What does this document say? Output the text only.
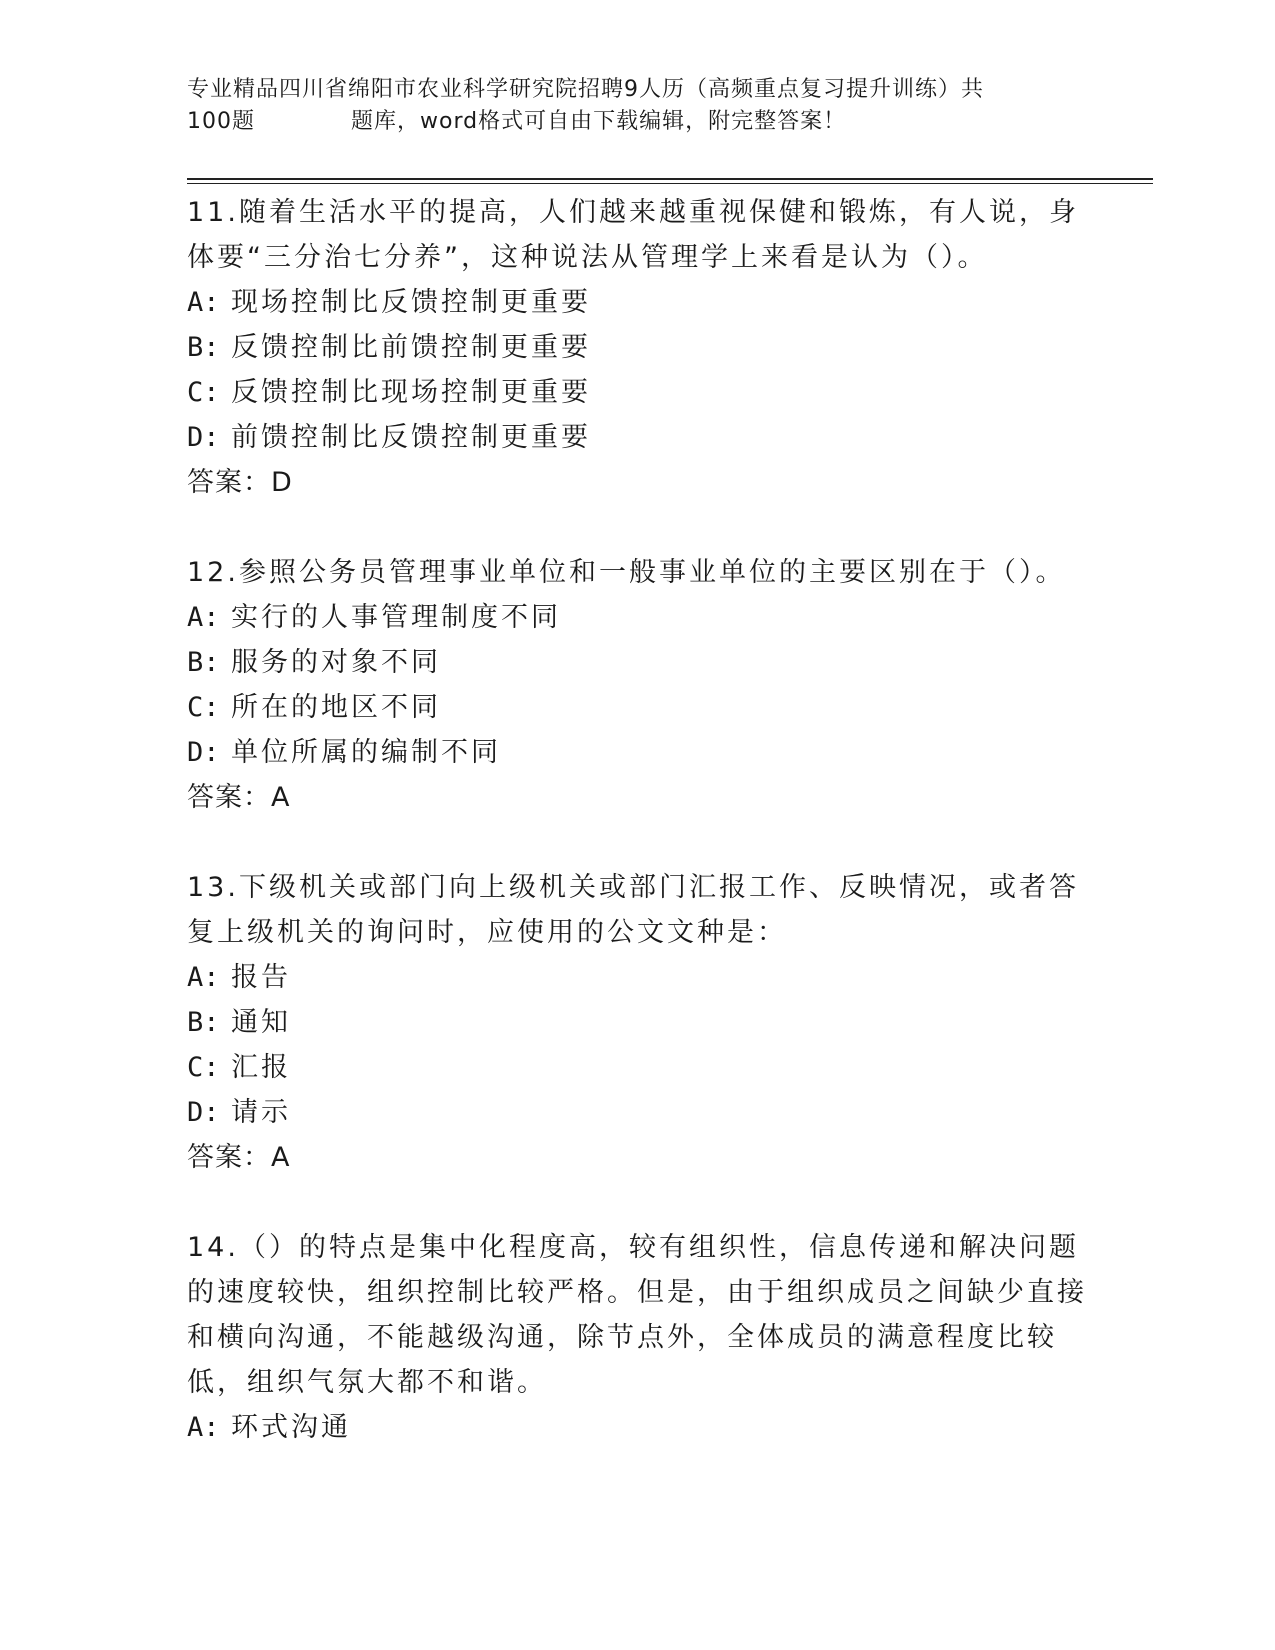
专业精品四川省绵阳市农业科学研究院招聘9人历（高频重点复习提升训练）共
100题	题库，word格式可自由下载编辑，附完整答案！
11.随着生活水平的提高，人们越来越重视保健和锻炼，有人说，身体要“三分治七分养”，这种说法从管理学上来看是认为（）。
A: 现场控制比反馈控制更重要
B: 反馈控制比前馈控制更重要
C: 反馈控制比现场控制更重要
D: 前馈控制比反馈控制更重要
答案：D
12.参照公务员管理事业单位和一般事业单位的主要区别在于（）。
A: 实行的人事管理制度不同
B: 服务的对象不同
C: 所在的地区不同
D: 单位所属的编制不同
答案：A
13.下级机关或部门向上级机关或部门汇报工作、反映情况，或者答复上级机关的询问时，应使用的公文文种是：
A: 报告
B: 通知
C: 汇报
D: 请示
答案：A
14.（）的特点是集中化程度高，较有组织性，信息传递和解决问题的速度较快，组织控制比较严格。但是，由于组织成员之间缺少直接和横向沟通，不能越级沟通，除节点外，全体成员的满意程度比较低，组织气氛大都不和谐。
A: 环式沟通
